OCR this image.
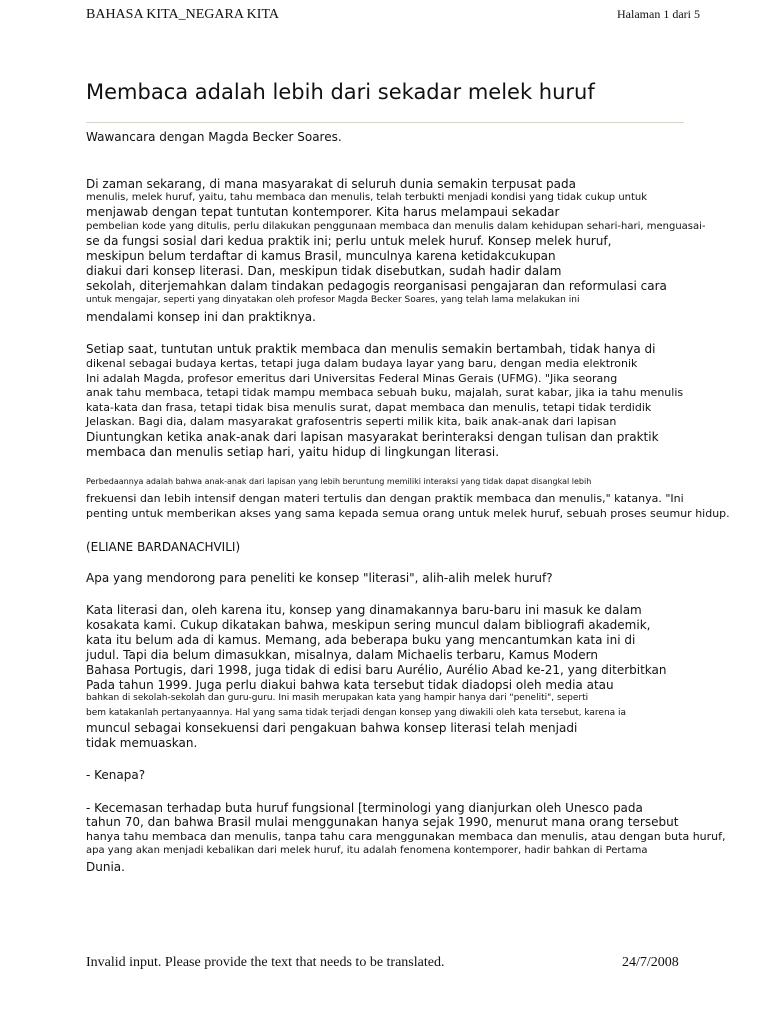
BAHASA KITA_NEGARA KITA	Halaman 1 dari 5

Membaca adalah lebih dari sekadar melek huruf

Wawancara dengan Magda Becker Soares.

Di zaman sekarang, di mana masyarakat di seluruh dunia semakin terpusat pada

menulis, melek huruf, yaitu, tahu membaca dan menulis, telah terbukti menjadi kondisi yang tidak cukup untuk

menjawab dengan tepat tuntutan kontemporer. Kita harus melampaui sekadar

pembelian kode yang ditulis, perlu dilakukan penggunaan membaca dan menulis dalam kehidupan sehari-hari, menguasai-

se da fungsi sosial dari kedua praktik ini; perlu untuk melek huruf. Konsep melek huruf,

meskipun belum terdaftar di kamus Brasil, munculnya karena ketidakcukupan

diakui dari konsep literasi. Dan, meskipun tidak disebutkan, sudah hadir dalam

sekolah, diterjemahkan dalam tindakan pedagogis reorganisasi pengajaran dan reformulasi cara

untuk mengajar, seperti yang dinyatakan oleh profesor Magda Becker Soares, yang telah lama melakukan ini

mendalami konsep ini dan praktiknya.

Setiap saat, tuntutan untuk praktik membaca dan menulis semakin bertambah, tidak hanya di

dikenal sebagai budaya kertas, tetapi juga dalam budaya layar yang baru, dengan media elektronik

Ini adalah Magda, profesor emeritus dari Universitas Federal Minas Gerais (UFMG). "Jika seorang

anak tahu membaca, tetapi tidak mampu membaca sebuah buku, majalah, surat kabar, jika ia tahu menulis

kata-kata dan frasa, tetapi tidak bisa menulis surat, dapat membaca dan menulis, tetapi tidak terdidik

Jelaskan. Bagi dia, dalam masyarakat grafosentris seperti milik kita, baik anak-anak dari lapisan

Diuntungkan ketika anak-anak dari lapisan masyarakat berinteraksi dengan tulisan dan praktik

membaca dan menulis setiap hari, yaitu hidup di lingkungan literasi.

Perbedaannya adalah bahwa anak-anak dari lapisan yang lebih beruntung memiliki interaksi yang tidak dapat disangkal lebih

frekuensi dan lebih intensif dengan materi tertulis dan dengan praktik membaca dan menulis," katanya. "Ini

penting untuk memberikan akses yang sama kepada semua orang untuk melek huruf, sebuah proses seumur hidup.

(ELIANE BARDANACHVILI)

Apa yang mendorong para peneliti ke konsep "literasi", alih-alih melek huruf?

Kata literasi dan, oleh karena itu, konsep yang dinamakannya baru-baru ini masuk ke dalam

kosakata kami. Cukup dikatakan bahwa, meskipun sering muncul dalam bibliografi akademik,

kata itu belum ada di kamus. Memang, ada beberapa buku yang mencantumkan kata ini di

judul. Tapi dia belum dimasukkan, misalnya, dalam Michaelis terbaru, Kamus Modern

Bahasa Portugis, dari 1998, juga tidak di edisi baru Aurélio, Aurélio Abad ke-21, yang diterbitkan

Pada tahun 1999. Juga perlu diakui bahwa kata tersebut tidak diadopsi oleh media atau

bahkan di sekolah-sekolah dan guru-guru. Ini masih merupakan kata yang hampir hanya dari "peneliti", seperti

bem katakanlah pertanyaannya. Hal yang sama tidak terjadi dengan konsep yang diwakili oleh kata tersebut, karena ia

muncul sebagai konsekuensi dari pengakuan bahwa konsep literasi telah menjadi

tidak memuaskan.

- Kenapa?

- Kecemasan terhadap buta huruf fungsional [terminologi yang dianjurkan oleh Unesco pada

tahun 70, dan bahwa Brasil mulai menggunakan hanya sejak 1990, menurut mana orang tersebut

hanya tahu membaca dan menulis, tanpa tahu cara menggunakan membaca dan menulis, atau dengan buta huruf,

apa yang akan menjadi kebalikan dari melek huruf, itu adalah fenomena kontemporer, hadir bahkan di Pertama

Dunia.

Invalid input. Please provide the text that needs to be translated.	24/7/2008
